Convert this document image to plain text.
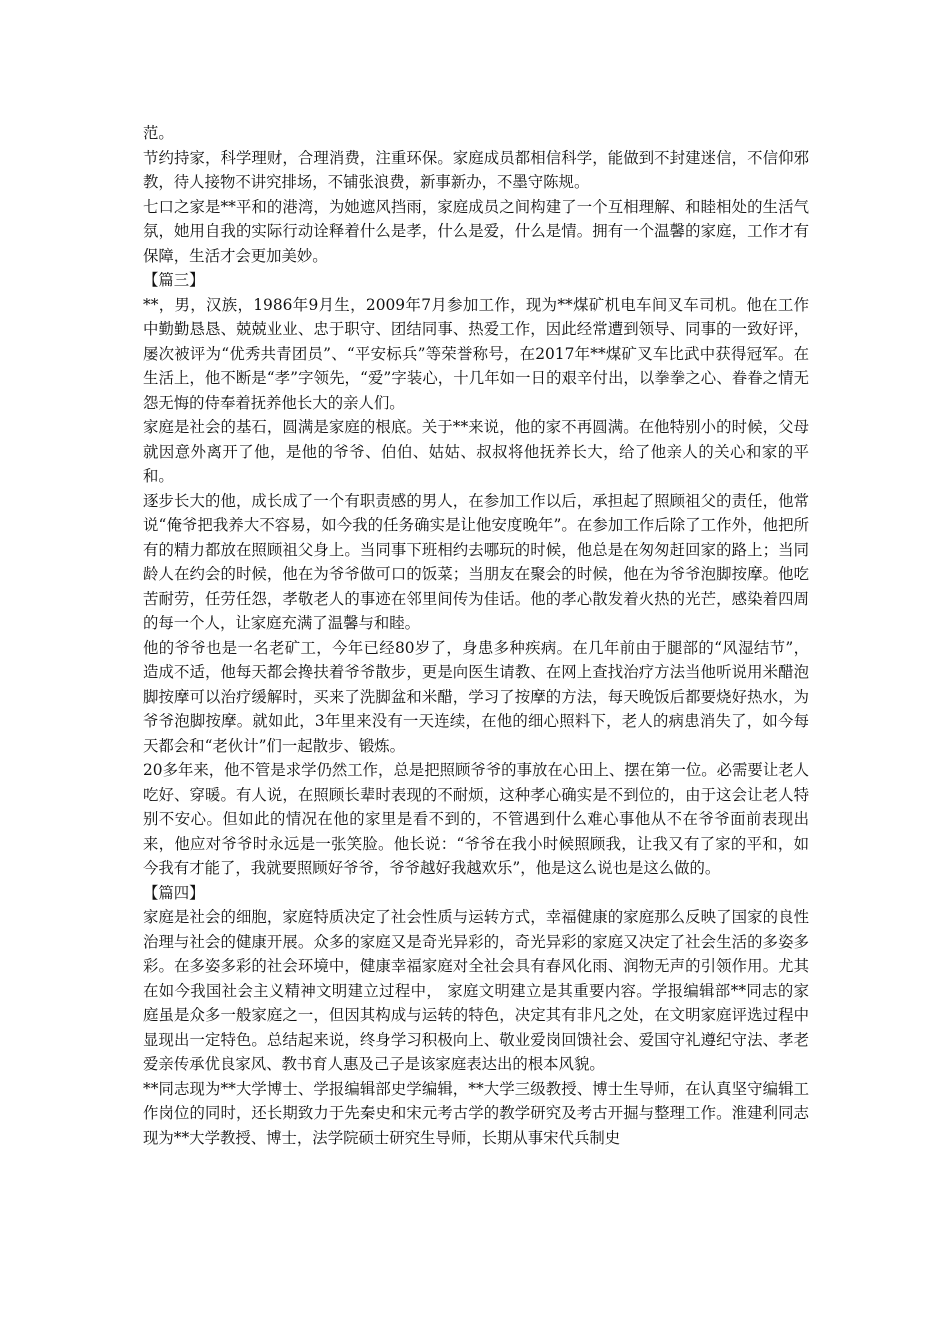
范。

节约持家，科学理财，合理消费，注重环保。家庭成员都相信科学，能做到不封建迷信，不信仰邪教，待人接物不讲究排场，不铺张浪费，新事新办，不墨守陈规。

七口之家是**平和的港湾，为她遮风挡雨，家庭成员之间构建了一个互相理解、和睦相处的生活气氛，她用自我的实际行动诠释着什么是孝，什么是爱，什么是情。拥有一个温馨的家庭，工作才有保障，生活才会更加美妙。

【篇三】

**，男，汉族，1986年9月生，2009年7月参加工作，现为**煤矿机电车间叉车司机。他在工作中勤勤恳恳、兢兢业业、忠于职守、团结同事、热爱工作，因此经常遭到领导、同事的一致好评，屡次被评为“优秀共青团员”、“平安标兵”等荣誉称号，在2017年**煤矿叉车比武中获得冠军。在生活上，他不断是“孝”字领先，“爱”字装心，十几年如一日的艰辛付出，以拳拳之心、眷眷之情无怨无悔的侍奉着抚养他长大的亲人们。

家庭是社会的基石，圆满是家庭的根底。关于**来说，他的家不再圆满。在他特别小的时候，父母就因意外离开了他，是他的爷爷、伯伯、姑姑、叔叔将他抚养长大，给了他亲人的关心和家的平和。

逐步长大的他，成长成了一个有职责感的男人，在参加工作以后，承担起了照顾祖父的责任，他常说“俺爷把我养大不容易，如今我的任务确实是让他安度晚年”。在参加工作后除了工作外，他把所有的精力都放在照顾祖父身上。当同事下班相约去哪玩的时候，他总是在匆匆赶回家的路上；当同龄人在约会的时候，他在为爷爷做可口的饭菜；当朋友在聚会的时候，他在为爷爷泡脚按摩。他吃苦耐劳，任劳任怨，孝敬老人的事迹在邻里间传为佳话。他的孝心散发着火热的光芒，感染着四周的每一个人，让家庭充满了温馨与和睦。

他的爷爷也是一名老矿工，今年已经80岁了，身患多种疾病。在几年前由于腿部的“风湿结节”，造成不适，他每天都会搀扶着爷爷散步，更是向医生请教、在网上查找治疗方法当他听说用米醋泡脚按摩可以治疗缓解时，买来了洗脚盆和米醋，学习了按摩的方法，每天晚饭后都要烧好热水，为爷爷泡脚按摩。就如此，3年里来没有一天连续，在他的细心照料下，老人的病患消失了，如今每天都会和“老伙计”们一起散步、锻炼。

20多年来，他不管是求学仍然工作，总是把照顾爷爷的事放在心田上、摆在第一位。必需要让老人吃好、穿暖。有人说，在照顾长辈时表现的不耐烦，这种孝心确实是不到位的，由于这会让老人特别不安心。但如此的情况在他的家里是看不到的，不管遇到什么难心事他从不在爷爷面前表现出来，他应对爷爷时永远是一张笑脸。他长说：“爷爷在我小时候照顾我，让我又有了家的平和，如今我有才能了，我就要照顾好爷爷，爷爷越好我越欢乐”，他是这么说也是这么做的。

【篇四】

家庭是社会的细胞，家庭特质决定了社会性质与运转方式，幸福健康的家庭那么反映了国家的良性治理与社会的健康开展。众多的家庭又是奇光异彩的，奇光异彩的家庭又决定了社会生活的多姿多彩。在多姿多彩的社会环境中，健康幸福家庭对全社会具有春风化雨、润物无声的引领作用。尤其在如今我国社会主义精神文明建立过程中， 家庭文明建立是其重要内容。学报编辑部**同志的家庭虽是众多一般家庭之一，但因其构成与运转的特色，决定其有非凡之处，在文明家庭评选过程中显现出一定特色。总结起来说，终身学习积极向上、敬业爱岗回馈社会、爱国守礼遵纪守法、孝老爱亲传承优良家风、教书育人惠及己子是该家庭表达出的根本风貌。

**同志现为**大学博士、学报编辑部史学编辑，**大学三级教授、博士生导师，在认真坚守编辑工作岗位的同时，还长期致力于先秦史和宋元考古学的教学研究及考古开掘与整理工作。淮建利同志现为**大学教授、博士，法学院硕士研究生导师，长期从事宋代兵制史
